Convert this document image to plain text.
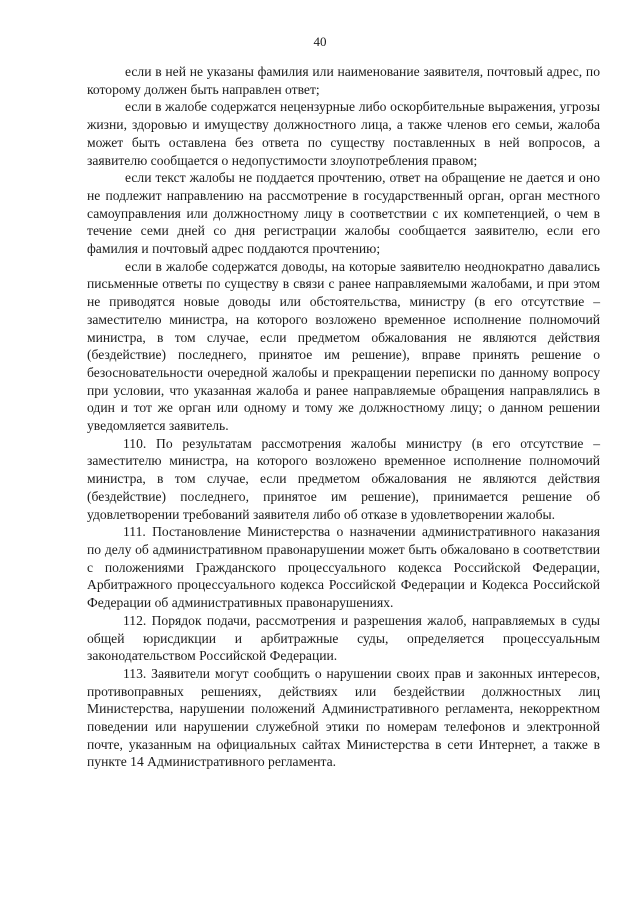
40

если в ней не указаны фамилия или наименование заявителя, почтовый адрес, по которому должен быть направлен ответ;

если в жалобе содержатся нецензурные либо оскорбительные выражения, угрозы жизни, здоровью и имуществу должностного лица, а также членов его семьи, жалоба может быть оставлена без ответа по существу поставленных в ней вопросов, а заявителю сообщается о недопустимости злоупотребления правом;

если текст жалобы не поддается прочтению, ответ на обращение не дается и оно не подлежит направлению на рассмотрение в государственный орган, орган местного самоуправления или должностному лицу в соответствии с их компетенцией, о чем в течение семи дней со дня регистрации жалобы сообщается заявителю, если его фамилия и почтовый адрес поддаются прочтению;

если в жалобе содержатся доводы, на которые заявителю неоднократно давались письменные ответы по существу в связи с ранее направляемыми жалобами, и при этом не приводятся новые доводы или обстоятельства, министру (в его отсутствие – заместителю министра, на которого возложено временное исполнение полномочий министра, в том случае, если предметом обжалования не являются действия (бездействие) последнего, принятое им решение), вправе принять решение о безосновательности очередной жалобы и прекращении переписки по данному вопросу при условии, что указанная жалоба и ранее направляемые обращения направлялись в один и тот же орган или одному и тому же должностному лицу; о данном решении уведомляется заявитель.

110. По результатам рассмотрения жалобы министру (в его отсутствие – заместителю министра, на которого возложено временное исполнение полномочий министра, в том случае, если предметом обжалования не являются действия (бездействие) последнего, принятое им решение), принимается решение об удовлетворении требований заявителя либо об отказе в удовлетворении жалобы.

111. Постановление Министерства о назначении административного наказания по делу об административном правонарушении может быть обжаловано в соответствии с положениями Гражданского процессуального кодекса Российской Федерации, Арбитражного процессуального кодекса Российской Федерации и Кодекса Российской Федерации об административных правонарушениях.

112. Порядок подачи, рассмотрения и разрешения жалоб, направляемых в суды общей юрисдикции и арбитражные суды, определяется процессуальным законодательством Российской Федерации.

113. Заявители могут сообщить о нарушении своих прав и законных интересов, противоправных решениях, действиях или бездействии должностных лиц Министерства, нарушении положений Административного регламента, некорректном поведении или нарушении служебной этики по номерам телефонов и электронной почте, указанным на официальных сайтах Министерства в сети Интернет, а также в пункте 14 Административного регламента.
